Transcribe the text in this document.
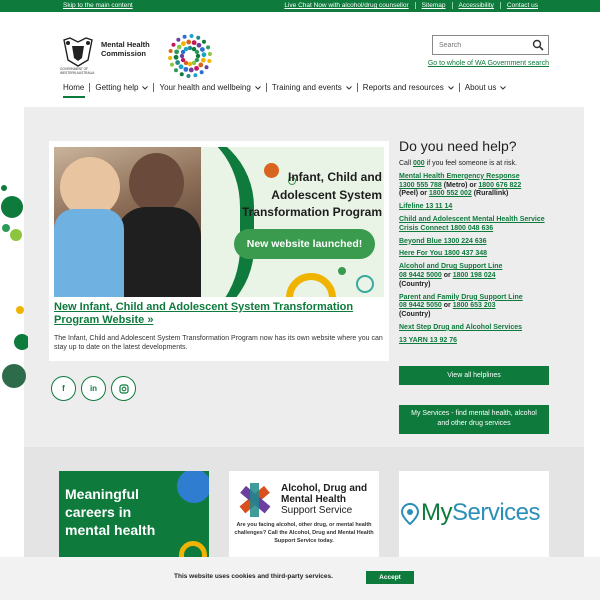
Skip to the main content	Live Chat Now with alcohol/drug counsellor	Sitemap	Accessibility	Contact us
GOVERNMENT OF
WESTERN AUSTRALIA
Mental Health
Commission
Search
Go to whole of WA Government search
Home Getting help	Your health and wellbeing	Training and events	Reports and resources	About us
Infant, Child and
Adolescent System
Transformation Program
New website launched!
New Infant, Child and Adolescent System Transformation Program Website »

The Infant, Child and Adolescent System Transformation Program now has its own website where you can stay up to date on the latest developments.

f	in
Do you need help?
Call 000 if you feel someone is at risk.
Mental Health Emergency Response
1300 555 788 (Metro) or 1800 676 822
(Peel) or 1800 552 002 (Rurallink)
Lifeline 13 11 14
Child and Adolescent Mental Health Service Crisis Connect 1800 048 636
Beyond Blue 1300 224 636
Here For You 1800 437 348
Alcohol and Drug Support Line
08 9442 5000 or 1800 198 024
(Country)
Parent and Family Drug Support Line
08 9442 5050 or 1800 653 203
(Country)
Next Step Drug and Alcohol Services
13 YARN 13 92 76
View all helplines
My Services - find mental health, alcohol and other drug services
Meaningful
careers in
mental health
Alcohol, Drug and
Mental Health
Support Service
Are you facing alcohol, other drug, or mental health challenges? Call the Alcohol, Drug and Mental Health Support Service today.
MyServices
This website uses cookies and third-party services.	Accept
